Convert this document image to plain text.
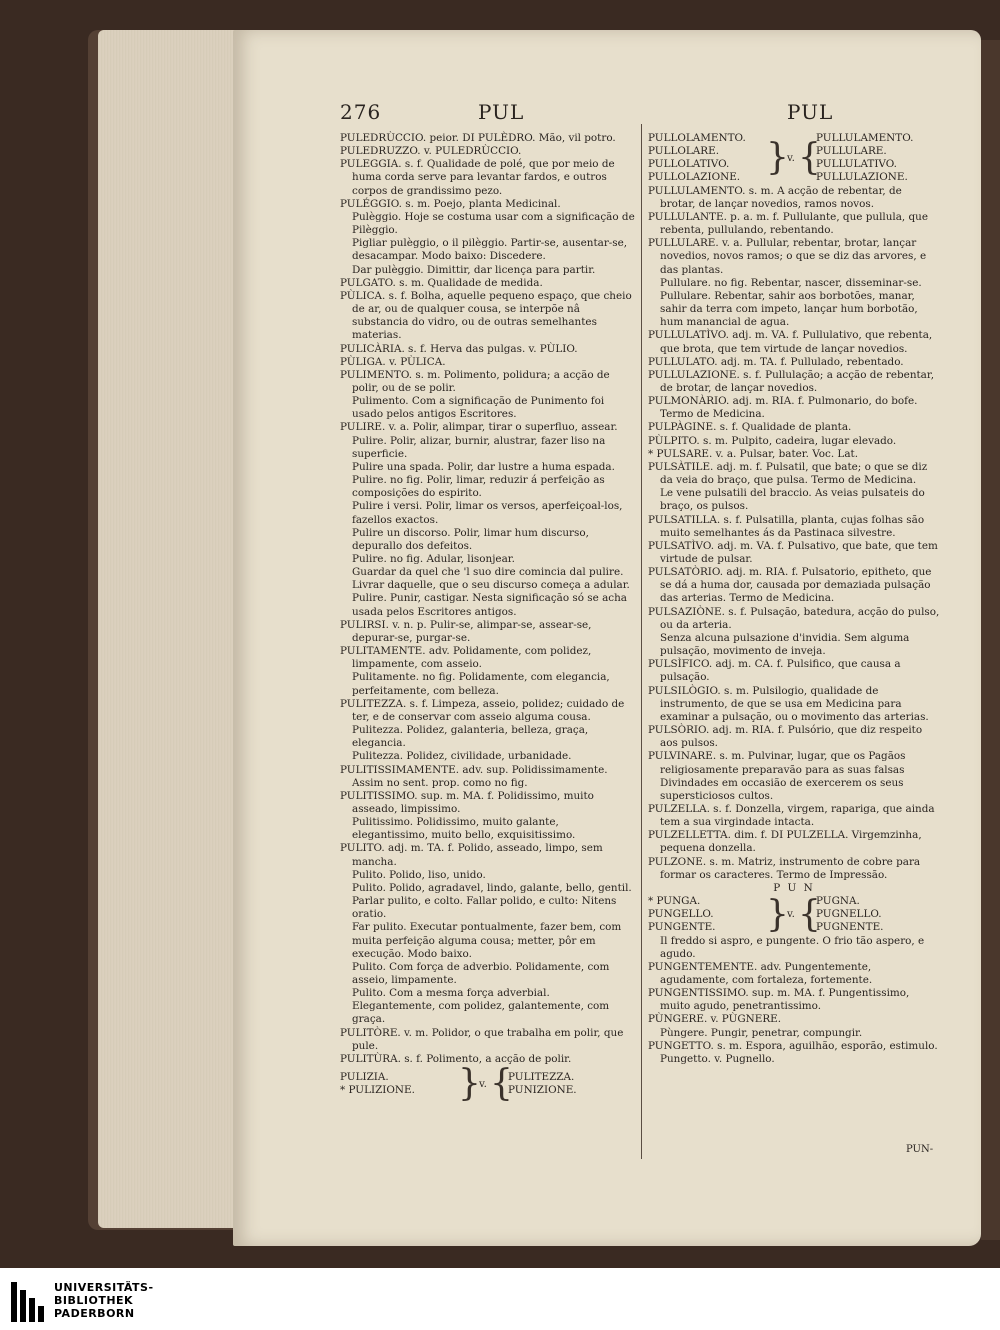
276	PUL	PUL

PULEDRÙCCIO. peior. DI PULÈDRO. Mão, vil potro.

PULEDRUZZO. v. PULEDRÙCCIO.

PULEGGIA. s. f. Qualidade de polé, que por meio de huma corda serve para levantar fardos, e outros corpos de grandissimo pezo.

PULÉGGIO. s. m. Poejo, planta Medicinal.

Pulèggio. Hoje se costuma usar com a significação de Pilèggio.

Pigliar pulèggio, o il pilèggio. Partir-se, ausentar-se, desacampar. Modo baixo: Discedere.

Dar pulèggio. Dimittir, dar licença para partir.

PULGATO. s. m. Qualidade de medida.

PÙLICA. s. f. Bolha, aquelle pequeno espaço, que cheio de ar, ou de qualquer cousa, se interpõe nâ substancia do vidro, ou de outras semelhantes materias.

PULICÀRIA. s. f. Herva das pulgas. v. PÙLIO.

PÙLIGA. v. PÙLICA.

PULIMENTO. s. m. Polimento, polidura; a acção de polir, ou de se polir.

Pulimento. Com a significação de Punimento foi usado pelos antigos Escritores.

PULIRE. v. a. Polir, alimpar, tirar o superfluo, assear.

Pulire. Polir, alizar, burnir, alustrar, fazer liso na superficie.

Pulire una spada. Polir, dar lustre a huma espada.

Pulire. no fig. Polir, limar, reduzir á perfeição as composições do espirito.

Pulire i versi. Polir, limar os versos, aperfeiçoal-los, fazellos exactos.

Pulire un discorso. Polir, limar hum discurso, depurallo dos defeitos.

Pulire. no fig. Adular, lisonjear.

Guardar da quel che 'l suo dire comincia dal pulire. Livrar daquelle, que o seu discurso começa a adular.

Pulire. Punir, castigar. Nesta significação só se acha usada pelos Escritores antigos.

PULIRSI. v. n. p. Pulir-se, alimpar-se, assear-se, depurar-se, purgar-se.

PULITAMENTE. adv. Polidamente, com polidez, limpamente, com asseio.

Pulitamente. no fig. Polidamente, com elegancia, perfeitamente, com belleza.

PULITEZZA. s. f. Limpeza, asseio, polidez; cuidado de ter, e de conservar com asseio alguma cousa.

Pulitezza. Polidez, galanteria, belleza, graça, elegancia.

Pulitezza. Polidez, civilidade, urbanidade.

PULITISSIMAMENTE. adv. sup. Polidissimamente. Assim no sent. prop. como no fig.

PULITISSIMO. sup. m. MA. f. Polidissimo, muito asseado, limpissimo.

Pulitissimo. Polidissimo, muito galante, elegantissimo, muito bello, exquisitissimo.

PULITO. adj. m. TA. f. Polido, asseado, limpo, sem mancha.

Pulito. Polido, liso, unido.

Pulito. Polido, agradavel, lindo, galante, bello, gentil.

Parlar pulito, e colto. Fallar polido, e culto: Nitens oratio.

Far pulito. Executar pontualmente, fazer bem, com muita perfeição alguma cousa; metter, pôr em execução. Modo baixo.

Pulito. Com força de adverbio. Polidamente, com asseio, limpamente.

Pulito. Com a mesma força adverbial. Elegantemente, com polidez, galantemente, com graça.

PULITÒRE. v. m. Polidor, o que trabalha em polir, que pule.

PULITÙRA. s. f. Polimento, a acção de polir.

PULIZIA.
* PULIZIONE.	}
v. {
PULITEZZA.
PUNIZIONE.
PULLOLAMENTO.
PULLOLARE.
PULLOLATIVO.
PULLOLAZIONE. }
v. {
PULLULAMENTO.
PULLULARE.
PULLULATIVO.
PULLULAZIONE.

PULLULAMENTO. s. m. A acção de rebentar, de brotar, de lançar novedios, ramos novos.

PULLULANTE. p. a. m. f. Pullulante, que pullula, que rebenta, pullulando, rebentando.

PULLULARE. v. a. Pullular, rebentar, brotar, lançar novedios, novos ramos; o que se diz das arvores, e das plantas.

Pullulare. no fig. Rebentar, nascer, disseminar-se.

Pullulare. Rebentar, sahir aos borbotões, manar, sahir da terra com impeto, lançar hum borbotão, hum manancial de agua.

PULLULATÌVO. adj. m. VA. f. Pullulativo, que rebenta, que brota, que tem virtude de lançar novedios.

PULLULATO. adj. m. TA. f. Pullulado, rebentado.

PULLULAZIONE. s. f. Pullulação; a acção de rebentar, de brotar, de lançar novedios.

PULMONÀRIO. adj. m. RIA. f. Pulmonario, do bofe. Termo de Medicina.

PULPÀGINE. s. f. Qualidade de planta.

PÙLPITO. s. m. Pulpito, cadeira, lugar elevado.

* PULSARE. v. a. Pulsar, bater. Voc. Lat.

PULSÀTILE. adj. m. f. Pulsatil, que bate; o que se diz da veia do braço, que pulsa. Termo de Medicina.

Le vene pulsatili del braccio. As veias pulsateis do braço, os pulsos.

PULSATILLA. s. f. Pulsatilla, planta, cujas folhas são muito semelhantes ás da Pastinaca silvestre.

PULSATÌVO. adj. m. VA. f. Pulsativo, que bate, que tem virtude de pulsar.

PULSATÒRIO. adj. m. RIA. f. Pulsatorio, epitheto, que se dá a huma dor, causada por demaziada pulsação das arterias. Termo de Medicina.

PULSAZIÒNE. s. f. Pulsação, batedura, acção do pulso, ou da arteria.

Senza alcuna pulsazione d'invidia. Sem alguma pulsação, movimento de inveja.

PULSÌFICO. adj. m. CA. f. Pulsifico, que causa a pulsação.

PULSILÒGIO. s. m. Pulsilogio, qualidade de instrumento, de que se usa em Medicina para examinar a pulsação, ou o movimento das arterias.

PULSÒRIO. adj. m. RIA. f. Pulsório, que diz respeito aos pulsos.

PULVINARE. s. m. Pulvinar, lugar, que os Pagãos religiosamente preparavão para as suas falsas Divindades em occasião de exercerem os seus supersticiosos cultos.

PULZELLA. s. f. Donzella, virgem, rapariga, que ainda tem a sua virgindade intacta.

PULZELLETTA. dim. f. DI PULZELLA. Virgemzinha, pequena donzella.

PULZONE. s. m. Matriz, instrumento de cobre para formar os caracteres. Termo de Impressão.

P U N
* PUNGA.
PUNGELLO.
PUNGENTE.	}
v. {
PUGNA.
PUGNELLO.
PUGNENTE.

Il freddo si aspro, e pungente. O frio tão aspero, e agudo.

PUNGENTEMENTE. adv. Pungentemente, agudamente, com fortaleza, fortemente.

PUNGENTISSIMO. sup. m. MA. f. Pungentissimo, muito agudo, penetrantissimo.

PÙNGERE. v. PÙGNERE.

Pùngere. Pungir, penetrar, compungir.

PUNGETTO. s. m. Espora, aguilhão, esporão, estimulo.

Pungetto. v. Pugnello.

PUN-
UNIVERSITÄTS-
BIBLIOTHEK
PADERBORN
